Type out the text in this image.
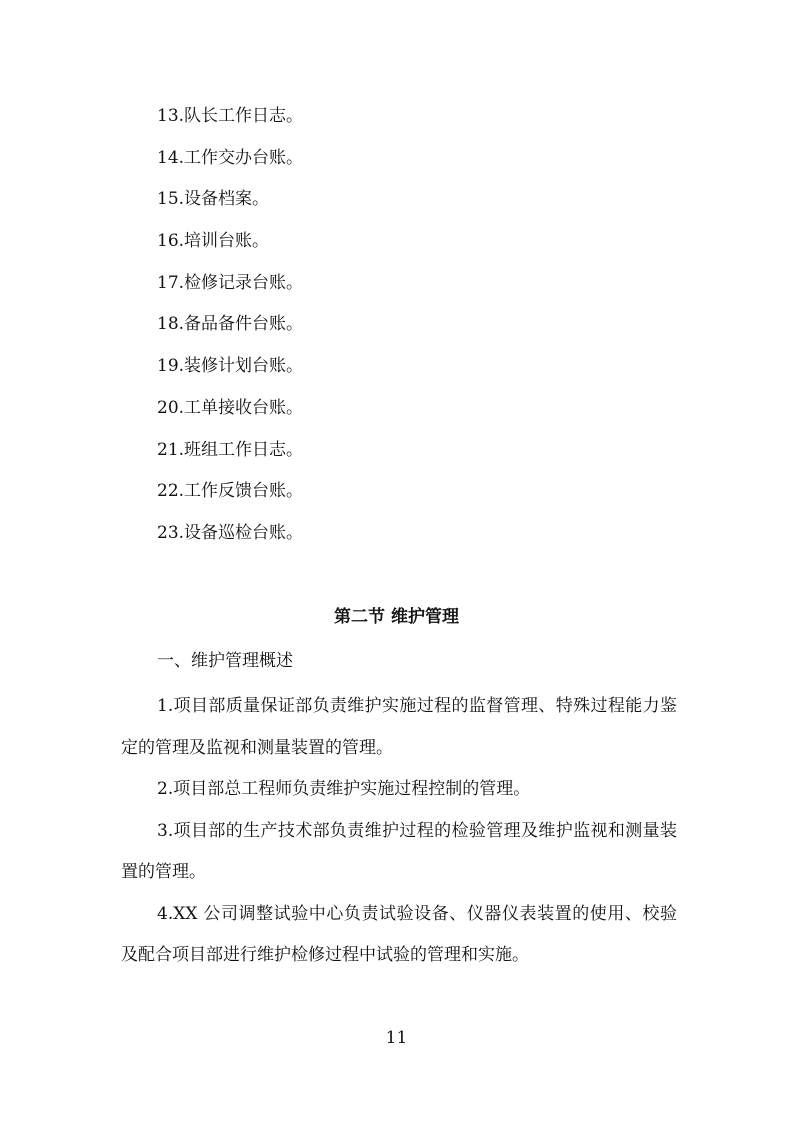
13.队长工作日志。
14.工作交办台账。
15.设备档案。
16.培训台账。
17.检修记录台账。
18.备品备件台账。
19.装修计划台账。
20.工单接收台账。
21.班组工作日志。
22.工作反馈台账。
23.设备巡检台账。
第二节 维护管理
一、维护管理概述

1.项目部质量保证部负责维护实施过程的监督管理、特殊过程能力鉴定的管理及监视和测量装置的管理。

2.项目部总工程师负责维护实施过程控制的管理。

3.项目部的生产技术部负责维护过程的检验管理及维护监视和测量装置的管理。

4.XX 公司调整试验中心负责试验设备、仪器仪表装置的使用、校验及配合项目部进行维护检修过程中试验的管理和实施。

11
